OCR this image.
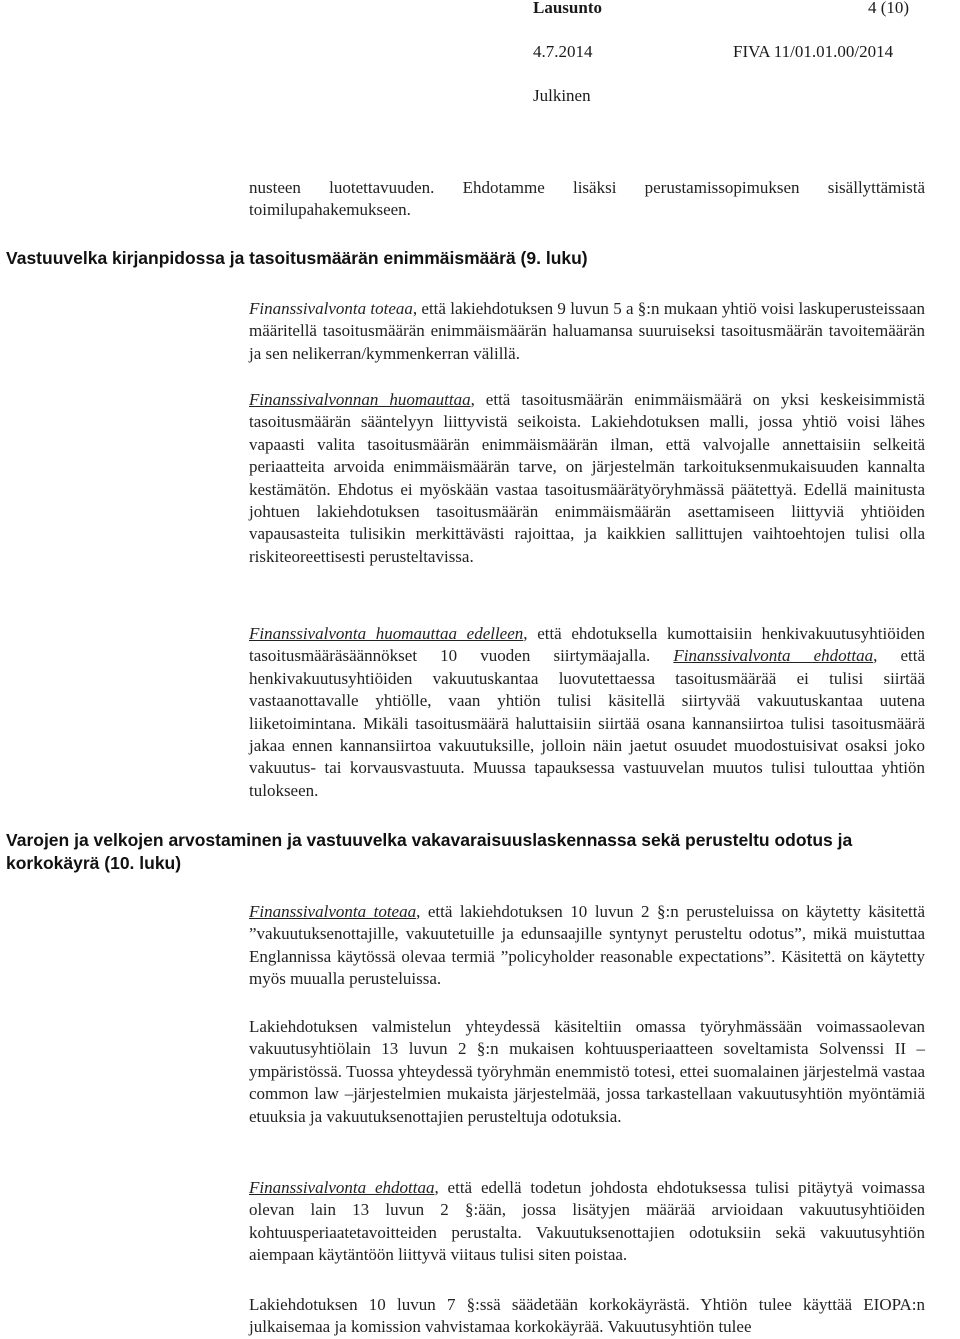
Lausunto	4 (10)
4.7.2014	FIVA 11/01.01.00/2014
Julkinen
nusteen luotettavuuden. Ehdotamme lisäksi perustamissopimuksen sisällyttämistä toimilupahakemukseen.
Vastuuvelka kirjanpidossa ja tasoitusmäärän enimmäismäärä (9. luku)
Finanssivalvonta toteaa, että lakiehdotuksen 9 luvun 5 a §:n mukaan yhtiö voisi laskuperusteissaan määritellä tasoitusmäärän enimmäismäärän haluamansa suuruiseksi tasoitusmäärän tavoitemäärän ja sen nelikerran/kymmenkerran välillä.
Finanssivalvonnan huomauttaa, että tasoitusmäärän enimmäismäärä on yksi keskeisimmistä tasoitusmäärän sääntelyyn liittyvistä seikoista. Lakiehdotuksen malli, jossa yhtiö voisi lähes vapaasti valita tasoitusmäärän enimmäismäärän ilman, että valvojalle annettaisiin selkeitä periaatteita arvoida enimmäismäärän tarve, on järjestelmän tarkoituksenmukaisuuden kannalta kestämätön. Ehdotus ei myöskään vastaa tasoitusmäärätyöryhmässä päätettyä. Edellä mainitusta johtuen lakiehdotuksen tasoitusmäärän enimmäismäärän asettamiseen liittyviä yhtiöiden vapausasteita tulisikin merkittävästi rajoittaa, ja kaikkien sallittujen vaihtoehtojen tulisi olla riskiteoreettisesti perusteltavissa.
Finanssivalvonta huomauttaa edelleen, että ehdotuksella kumottaisiin henkivakuutusyhtiöiden tasoitusmääräsäännökset 10 vuoden siirtymäajalla. Finanssivalvonta ehdottaa, että henkivakuutusyhtiöiden vakuutuskantaa luovutettaessa tasoitusmäärää ei tulisi siirtää vastaanottavalle yhtiölle, vaan yhtiön tulisi käsitellä siirtyvää vakuutuskantaa uutena liiketoimintana. Mikäli tasoitusmäärä haluttaisiin siirtää osana kannansiirtoa tulisi tasoitusmäärä jakaa ennen kannansiirtoa vakuutuksille, jolloin näin jaetut osuudet muodostuisivat osaksi joko vakuutus- tai korvausvastuuta. Muussa tapauksessa vastuuvelan muutos tulisi tulouttaa yhtiön tulokseen.
Varojen ja velkojen arvostaminen ja vastuuvelka vakavaraisuuslaskennassa sekä perusteltu odotus ja korkokäyrä (10. luku)
Finanssivalvonta toteaa, että lakiehdotuksen 10 luvun 2 §:n perusteluissa on käytetty käsitettä ”vakuutuksenottajille, vakuutetuille ja edunsaajille syntynyt perusteltu odotus”, mikä muistuttaa Englannissa käytössä olevaa termiä ”policyholder reasonable expectations”. Käsitettä on käytetty myös muualla perusteluissa.
Lakiehdotuksen valmistelun yhteydessä käsiteltiin omassa työryhmässään voimassaolevan vakuutusyhtiölain 13 luvun 2 §:n mukaisen kohtuusperiaatteen soveltamista Solvenssi II –ympäristössä. Tuossa yhteydessä työryhmän enemmistö totesi, ettei suomalainen järjestelmä vastaa common law –järjestelmien mukaista järjestelmää, jossa tarkastellaan vakuutusyhtiön myöntämiä etuuksia ja vakuutuksenottajien perusteltuja odotuksia.
Finanssivalvonta ehdottaa, että edellä todetun johdosta ehdotuksessa tulisi pitäytyä voimassa olevan lain 13 luvun 2 §:ään, jossa lisätyjen määrää arvioidaan vakuutusyhtiöiden kohtuusperiaatetavoitteiden perustalta. Vakuutuksenottajien odotuksiin sekä vakuutusyhtiön aiempaan käytäntöön liittyvä viitaus tulisi siten poistaa.
Lakiehdotuksen 10 luvun 7 §:ssä säädetään korkokäyrästä. Yhtiön tulee käyttää EIOPA:n julkaisemaa ja komission vahvistamaa korkokäyrää. Vakuutusyhtiön tulee
